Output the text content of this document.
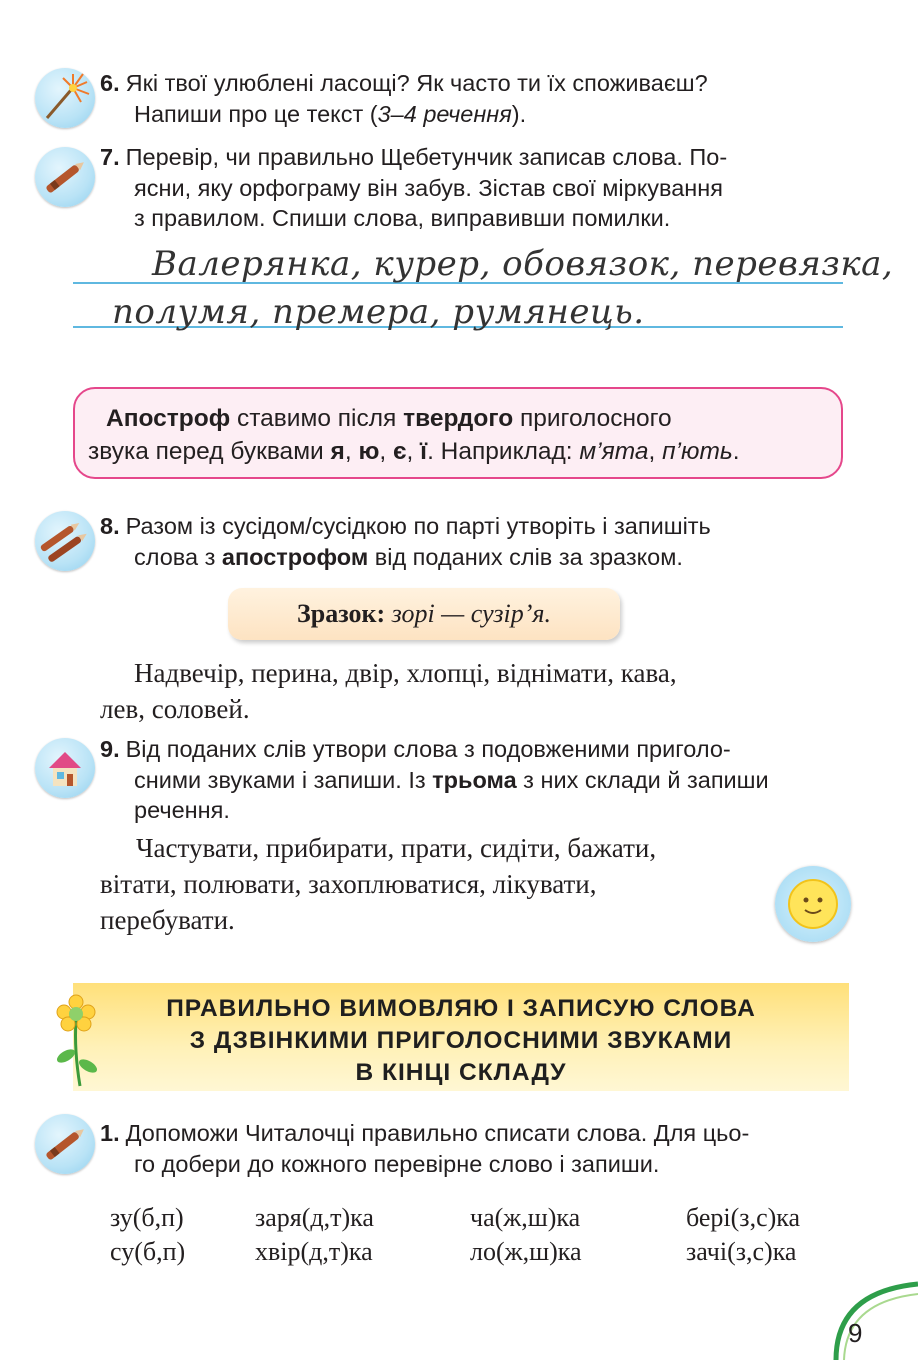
6. Які твої улюблені ласощі? Як часто ти їх споживаєш?
Напиши про це текст (3–4 речення).
7. Перевір, чи правильно Щебетунчик записав слова. По-
ясни, яку орфограму він забув. Зістав свої міркування
з правилом. Спиши слова, виправивши помилки.
Валерянка, курер, обовязок, перевязка,
полумя, премера, румянець.
Апостроф ставимо після твердого приголосного
звука перед буквами я, ю, є, ї. Наприклад: м’ята, п’ють.
8. Разом із сусідом/сусідкою по парті утворіть і запишіть
слова з апострофом від поданих слів за зразком.
Зразок: зорі — сузір’я.
Надвечір, перина, двір, хлопці, віднімати, кава,
лев, соловей.
9. Від поданих слів утвори слова з подовженими приголо-
сними звуками і запиши. Із трьома з них склади й запиши
речення.
Частувати, прибирати, прати, сидіти, бажати,
вітати, полювати, захоплюватися, лікувати,
перебувати.
ПРАВИЛЬНО ВИМОВЛЯЮ І ЗАПИСУЮ СЛОВА
З ДЗВІНКИМИ ПРИГОЛОСНИМИ ЗВУКАМИ
В КІНЦІ СКЛАДУ
1. Допоможи Читалочці правильно списати слова. Для цьо-
го добери до кожного перевірне слово і запиши.
зу(б,п)	заря(д,т)ка	ча(ж,ш)ка	бері(з,с)ка
су(б,п)	хвір(д,т)ка	ло(ж,ш)ка	зачі(з,с)ка
9
